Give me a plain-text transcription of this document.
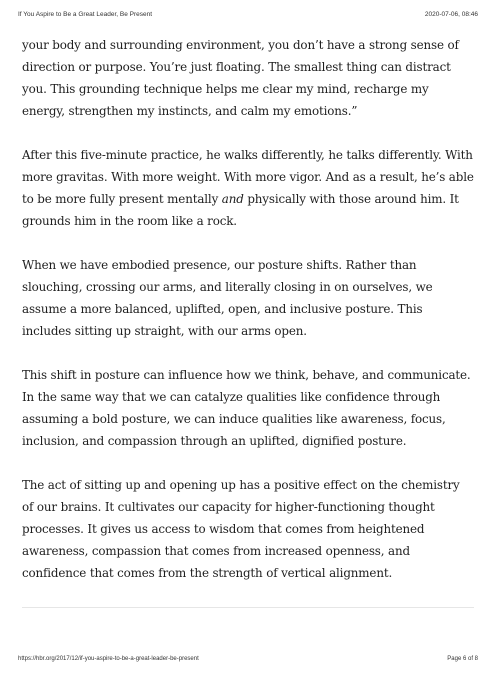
If You Aspire to Be a Great Leader, Be Present	2020-07-06, 08:46

your body and surrounding environment, you don’t have a strong sense of direction or purpose. You’re just floating. The smallest thing can distract you. This grounding technique helps me clear my mind, recharge my energy, strengthen my instincts, and calm my emotions.”

After this five-minute practice, he walks differently, he talks differently. With more gravitas. With more weight. With more vigor. And as a result, he’s able to be more fully present mentally and physically with those around him. It grounds him in the room like a rock.

When we have embodied presence, our posture shifts. Rather than slouching, crossing our arms, and literally closing in on ourselves, we assume a more balanced, uplifted, open, and inclusive posture. This includes sitting up straight, with our arms open.

This shift in posture can influence how we think, behave, and communicate. In the same way that we can catalyze qualities like confidence through assuming a bold posture, we can induce qualities like awareness, focus, inclusion, and compassion through an uplifted, dignified posture.

The act of sitting up and opening up has a positive effect on the chemistry of our brains. It cultivates our capacity for higher-functioning thought processes. It gives us access to wisdom that comes from heightened awareness, compassion that comes from increased openness, and confidence that comes from the strength of vertical alignment.

https://hbr.org/2017/12/if-you-aspire-to-be-a-great-leader-be-present	Page 6 of 8
